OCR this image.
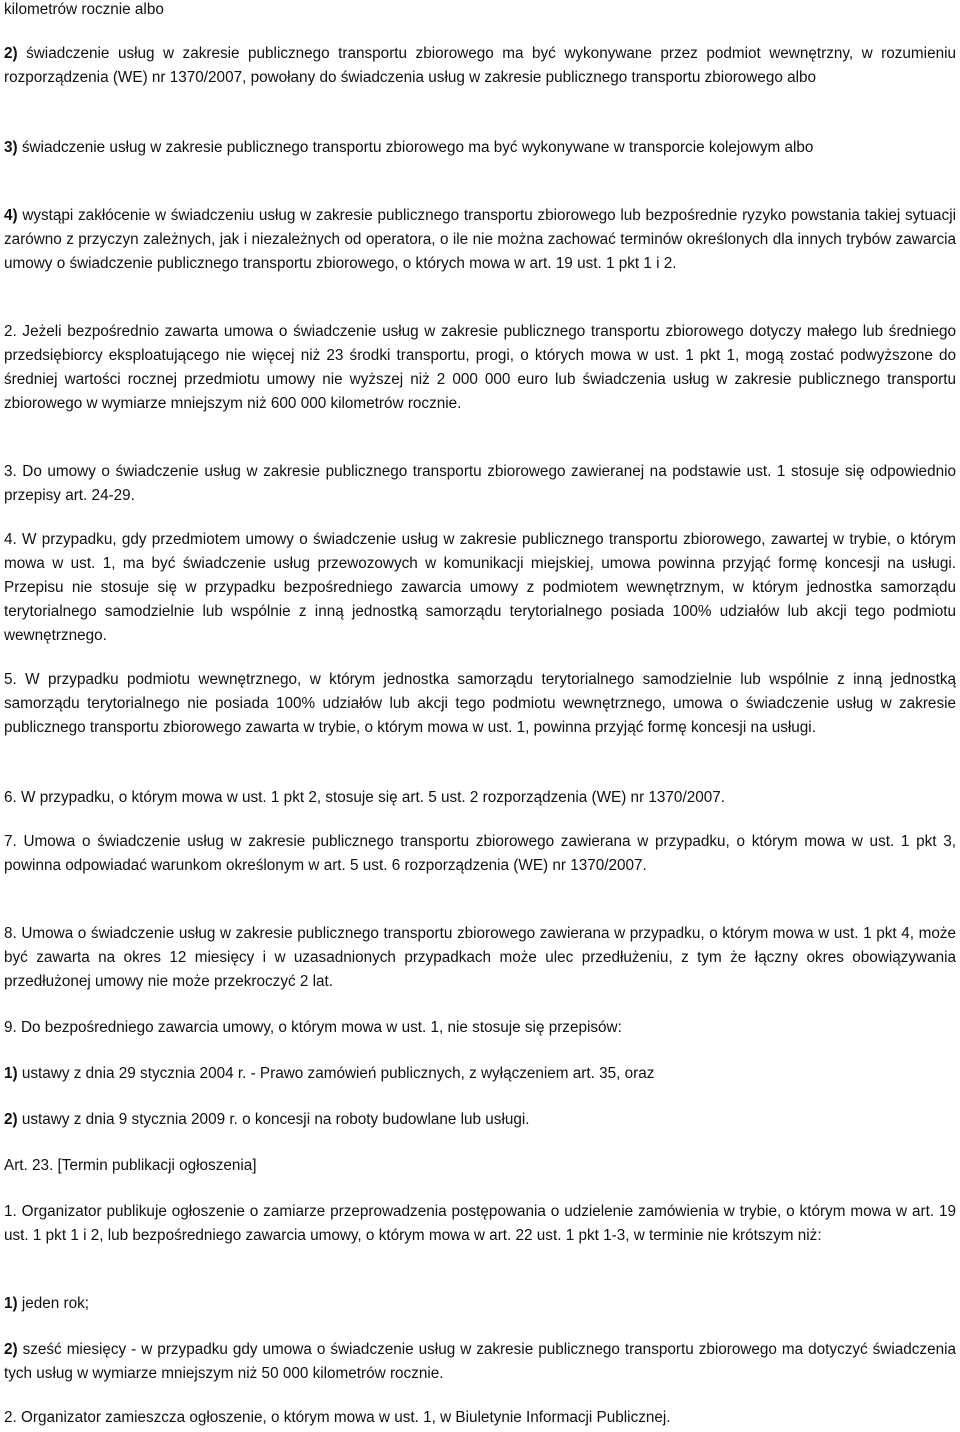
kilometrów rocznie albo

2) świadczenie usług w zakresie publicznego transportu zbiorowego ma być wykonywane przez podmiot wewnętrzny, w rozumieniu rozporządzenia (WE) nr 1370/2007, powołany do świadczenia usług w zakresie publicznego transportu zbiorowego albo

3) świadczenie usług w zakresie publicznego transportu zbiorowego ma być wykonywane w transporcie kolejowym albo

4) wystąpi zakłócenie w świadczeniu usług w zakresie publicznego transportu zbiorowego lub bezpośrednie ryzyko powstania takiej sytuacji zarówno z przyczyn zależnych, jak i niezależnych od operatora, o ile nie można zachować terminów określonych dla innych trybów zawarcia umowy o świadczenie publicznego transportu zbiorowego, o których mowa w art. 19 ust. 1 pkt 1 i 2.

2. Jeżeli bezpośrednio zawarta umowa o świadczenie usług w zakresie publicznego transportu zbiorowego dotyczy małego lub średniego przedsiębiorcy eksploatującego nie więcej niż 23 środki transportu, progi, o których mowa w ust. 1 pkt 1, mogą zostać podwyższone do średniej wartości rocznej przedmiotu umowy nie wyższej niż 2 000 000 euro lub świadczenia usług w zakresie publicznego transportu zbiorowego w wymiarze mniejszym niż 600 000 kilometrów rocznie.

3. Do umowy o świadczenie usług w zakresie publicznego transportu zbiorowego zawieranej na podstawie ust. 1 stosuje się odpowiednio przepisy art. 24-29.

4. W przypadku, gdy przedmiotem umowy o świadczenie usług w zakresie publicznego transportu zbiorowego, zawartej w trybie, o którym mowa w ust. 1, ma być świadczenie usług przewozowych w komunikacji miejskiej, umowa powinna przyjąć formę koncesji na usługi. Przepisu nie stosuje się w przypadku bezpośredniego zawarcia umowy z podmiotem wewnętrznym, w którym jednostka samorządu terytorialnego samodzielnie lub wspólnie z inną jednostką samorządu terytorialnego posiada 100% udziałów lub akcji tego podmiotu wewnętrznego.

5. W przypadku podmiotu wewnętrznego, w którym jednostka samorządu terytorialnego samodzielnie lub wspólnie z inną jednostką samorządu terytorialnego nie posiada 100% udziałów lub akcji tego podmiotu wewnętrznego, umowa o świadczenie usług w zakresie publicznego transportu zbiorowego zawarta w trybie, o którym mowa w ust. 1, powinna przyjąć formę koncesji na usługi.

6. W przypadku, o którym mowa w ust. 1 pkt 2, stosuje się art. 5 ust. 2 rozporządzenia (WE) nr 1370/2007.

7. Umowa o świadczenie usług w zakresie publicznego transportu zbiorowego zawierana w przypadku, o którym mowa w ust. 1 pkt 3, powinna odpowiadać warunkom określonym w art. 5 ust. 6 rozporządzenia (WE) nr 1370/2007.

8. Umowa o świadczenie usług w zakresie publicznego transportu zbiorowego zawierana w przypadku, o którym mowa w ust. 1 pkt 4, może być zawarta na okres 12 miesięcy i w uzasadnionych przypadkach może ulec przedłużeniu, z tym że łączny okres obowiązywania przedłużonej umowy nie może przekroczyć 2 lat.

9. Do bezpośredniego zawarcia umowy, o którym mowa w ust. 1, nie stosuje się przepisów:

1) ustawy z dnia 29 stycznia 2004 r. - Prawo zamówień publicznych, z wyłączeniem art. 35, oraz

2) ustawy z dnia 9 stycznia 2009 r. o koncesji na roboty budowlane lub usługi.

Art. 23. [Termin publikacji ogłoszenia]

1. Organizator publikuje ogłoszenie o zamiarze przeprowadzenia postępowania o udzielenie zamówienia w trybie, o którym mowa w art. 19 ust. 1 pkt 1 i 2, lub bezpośredniego zawarcia umowy, o którym mowa w art. 22 ust. 1 pkt 1-3, w terminie nie krótszym niż:

1) jeden rok;

2) sześć miesięcy - w przypadku gdy umowa o świadczenie usług w zakresie publicznego transportu zbiorowego ma dotyczyć świadczenia tych usług w wymiarze mniejszym niż 50 000 kilometrów rocznie.

2. Organizator zamieszcza ogłoszenie, o którym mowa w ust. 1, w Biuletynie Informacji Publicznej.
